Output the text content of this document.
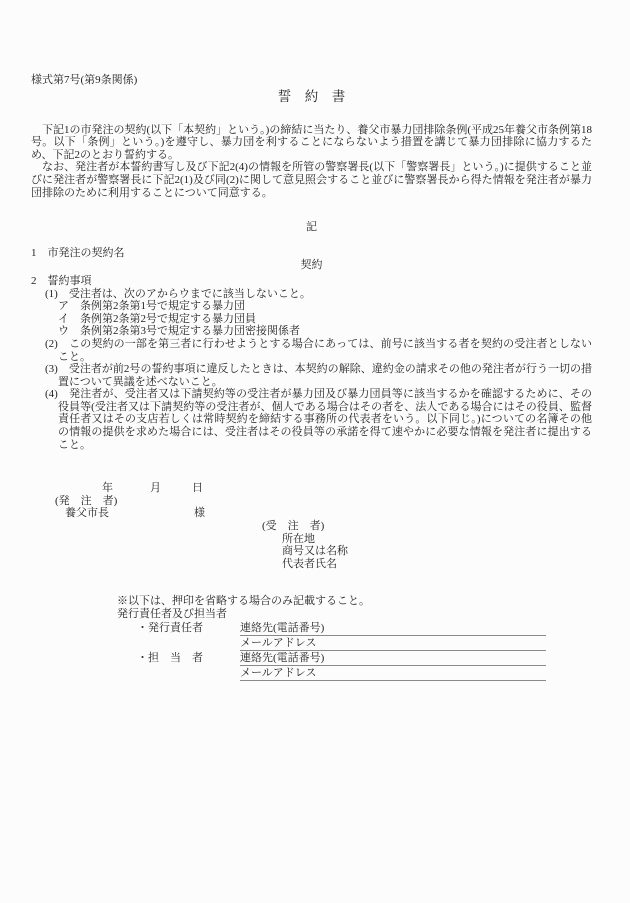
様式第7号(第9条関係)
誓　約　書

　下記1の市発注の契約(以下「本契約」という。)の締結に当たり、養父市暴力団排除条例(平成25年養父市条例第18号。以下「条例」という。)を遵守し、暴力団を利することにならないよう措置を講じて暴力団排除に協力するため、下記2のとおり誓約する。

　なお、発注者が本誓約書写し及び下記2(4)の情報を所管の警察署長(以下「警察署長」という。)に提供すること並びに発注者が警察署長に下記2(1)及び同(2)に関して意見照会すること並びに警察署長から得た情報を発注者が暴力団排除のために利用することについて同意する。

記
1　市発注の契約名
契約
2　誓約事項
(1)　受注者は、次のアからウまでに該当しないこと。
ア　条例第2条第1号で規定する暴力団
イ　条例第2条第2号で規定する暴力団員
ウ　条例第2条第3号で規定する暴力団密接関係者
(2)　この契約の一部を第三者に行わせようとする場合にあっては、前号に該当する者を契約の受注者としないこと。
(3)　受注者が前2号の誓約事項に違反したときは、本契約の解除、違約金の請求その他の発注者が行う一切の措置について異議を述べないこと。
(4)　発注者が、受注者又は下請契約等の受注者が暴力団及び暴力団員等に該当するかを確認するために、その役員等(受注者又は下請契約等の受注者が、個人である場合はその者を、法人である場合にはその役員、監督責任者又はその支店若しくは常時契約を締結する事務所の代表者をいう。以下同じ。)についての名簿その他の情報の提供を求めた場合には、受注者はその役員等の承諾を得て速やかに必要な情報を発注者に提出すること。
年	月	日
(発　注　者)
養父市長	様
(受　注　者)
所在地
商号又は名称
代表者氏名
※以下は、押印を省略する場合のみ記載すること。
発行責任者及び担当者
・発行責任者	連絡先(電話番号)
メールアドレス
・担　当　者	連絡先(電話番号)
メールアドレス
